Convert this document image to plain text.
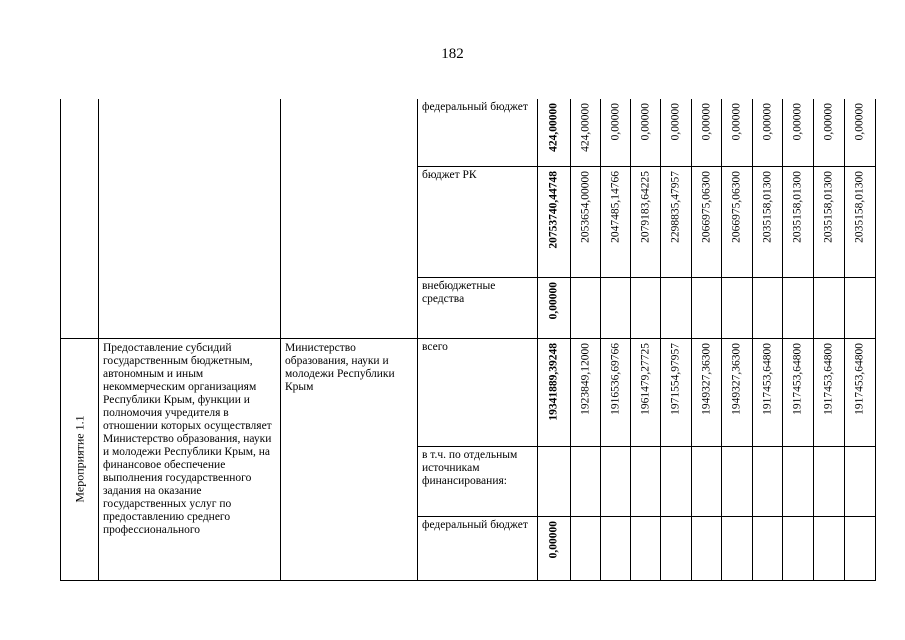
182

			федеральный бюджет	424,00000	424,00000	0,00000	0,00000	0,00000	0,00000	0,00000	0,00000	0,00000	0,00000	0,00000

			бюджет РК	20753740,44748	2053654,00000	2047485,14766	2079183,64225	2298835,47957	2066975,06300	2066975,06300	2035158,01300	2035158,01300	2035158,01300	2035158,01300

			внебюджетные средства	0,00000										

Мероприятие 1.1	Предоставление субсидий государственным бюджетным, автономным и иным некоммерческим организациям Республики Крым, функции и полномочия учредителя в отношении которых осуществляет Министерство образования, науки и молодежи Республики Крым, на финансовое обеспечение выполнения государственного задания на оказание государственных услуг по предоставлению среднего профессионального	Министерство образования, науки и молодежи Республики Крым	всего	19341889,39248	1923849,12000	1916536,69766	1961479,27725	1971554,97957	1949327,36300	1949327,36300	1917453,64800	1917453,64800	1917453,64800	1917453,64800

			в т.ч. по отдельным источникам финансирования:											

			федеральный бюджет	0,00000										
